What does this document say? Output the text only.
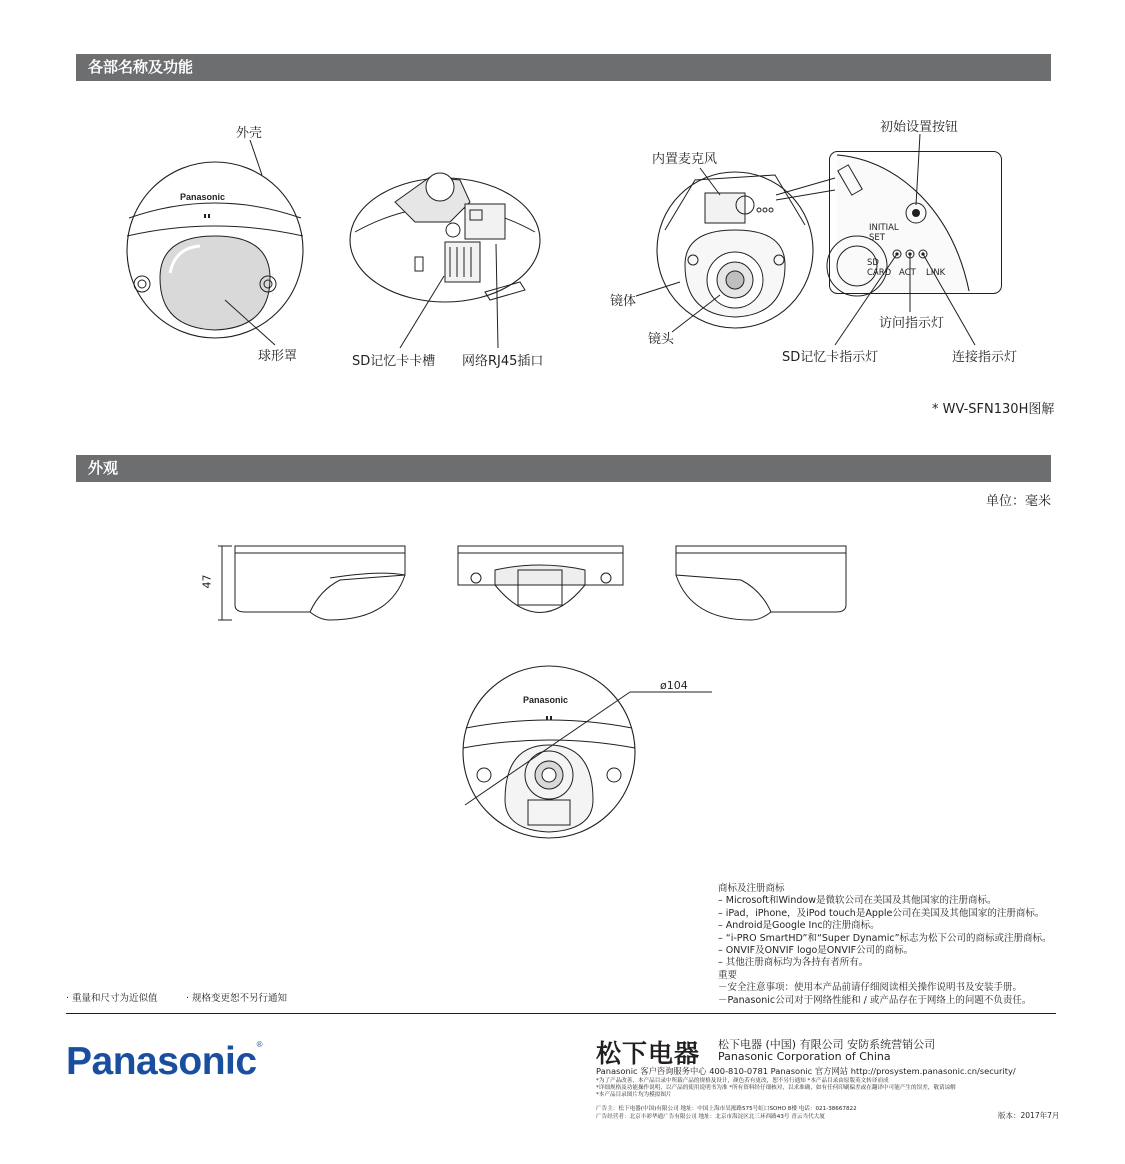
各部名称及功能
外观
Panasonic
外壳
球形罩	SD记忆卡卡槽 网络RJ45插口
INITIAL
SET
SD
CARD ACT LINK
内置麦克风
初始设置按钮
镜体
镜头
访问指示灯
SD记忆卡指示灯	连接指示灯
* WV-SFN130H图解
单位：毫米
47
Panasonic
ø104
· 重量和尺寸为近似值	· 规格变更恕不另行通知
商标及注册商标
– Microsoft和Window是微软公司在美国及其他国家的注册商标。
– iPad，iPhone，及iPod touch是Apple公司在美国及其他国家的注册商标。
– Android是Google Inc的注册商标。
– “i-PRO SmartHD”和“Super Dynamic”标志为松下公司的商标或注册商标。
– ONVIF及ONVIF logo是ONVIF公司的商标。
– 其他注册商标均为各持有者所有。
重要
－安全注意事项：使用本产品前请仔细阅读相关操作说明书及安装手册。
－Panasonic公司对于网络性能和 / 或产品存在于网络上的问题不负责任。
Panasonic®	松下电器 松下电器 (中国) 有限公司 安防系统营销公司
Panasonic Corporation of China
Panasonic 客户咨询服务中心 400-810-0781 Panasonic 官方网站 http://prosystem.panasonic.cn/security/
*为了产品改善，本产品目录中所载产品的规格及设计，颜色若有更改，恕不另行通知 *本产品目录由原版英文转译而成
*详细规格及功能操作说明，以产品的使用说明书为准 *所有资料经仔细核对，以求准确，如有任何印刷偏差或在翻译中可能产生的误差，敬请谅解
*本产品目录图片均为模拟图片
广告主：松下电器(中国)有限公司 地址：中国上海市吴淞路575号虹口SOHO 8楼 电话：021-38667822
广告经营者：北京丰彩华通广告有限公司 地址：北京市海淀区北三环西路43号 青云当代大厦	版本：2017年7月
